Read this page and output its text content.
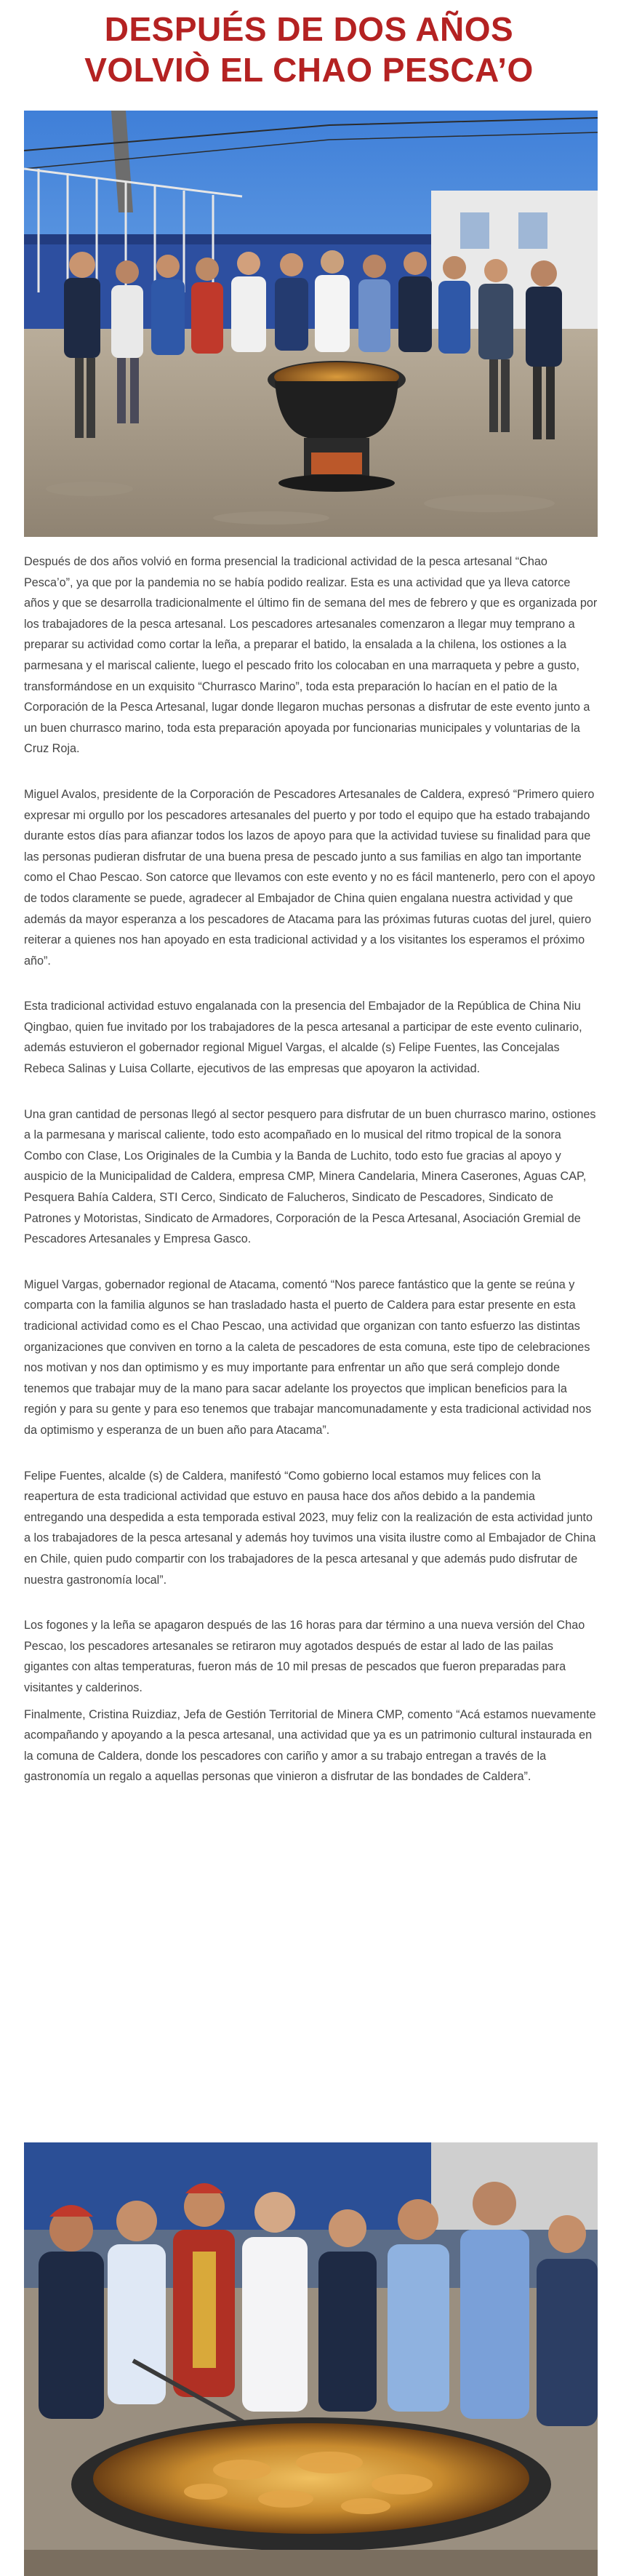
DESPUÉS DE DOS AÑOS
VOLVIÒ EL CHAO PESCA’O

Después de dos años volvió en forma presencial la tradicional actividad de la pesca artesanal “Chao Pesca’o”, ya que por la pandemia no se había podido realizar. Esta es una actividad que ya lleva catorce años y que se desarrolla tradicionalmente el último fin de semana del mes de febrero y que es organizada por los trabajadores de la pesca artesanal. Los pescadores artesanales comenzaron a llegar muy temprano a preparar su actividad como cortar la leña, a preparar el batido, la ensalada a la chilena, los ostiones a la parmesana y el mariscal caliente, luego el pescado frito los colocaban en una marraqueta y pebre a gusto, transformándose en un exquisito “Churrasco Marino”, toda esta preparación lo hacían en el patio de la Corporación de la Pesca Artesanal, lugar donde llegaron muchas personas a disfrutar de este evento junto a un buen churrasco marino, toda esta preparación apoyada por funcionarias municipales y voluntarias de la Cruz Roja.

Miguel Avalos, presidente de la Corporación de Pescadores Artesanales de Caldera, expresó “Primero quiero expresar mi orgullo por los pescadores artesanales del puerto y por todo el equipo que ha estado trabajando durante estos días para afianzar todos los lazos de apoyo para que la actividad tuviese su finalidad para que las personas pudieran disfrutar de una buena presa de pescado junto a sus familias en algo tan importante como el Chao Pescao. Son catorce que llevamos con este evento y no es fácil mantenerlo, pero con el apoyo de todos claramente se puede, agradecer al Embajador de China quien engalana nuestra actividad y que además da mayor esperanza a los pescadores de Atacama para las próximas futuras cuotas del jurel, quiero reiterar a quienes nos han apoyado en esta tradicional actividad y a los visitantes los esperamos el próximo año”.

Esta tradicional actividad estuvo engalanada con la presencia del Embajador de la República de China Niu Qingbao, quien fue invitado por los trabajadores de la pesca artesanal a participar de este evento culinario, además estuvieron el gobernador regional Miguel Vargas, el alcalde (s) Felipe Fuentes, las Concejalas Rebeca Salinas y Luisa Collarte, ejecutivos de las empresas que apoyaron la actividad.

Una gran cantidad de personas llegó al sector pesquero para disfrutar de un buen churrasco marino, ostiones a la parmesana y mariscal caliente, todo esto acompañado en lo musical del ritmo tropical de la sonora Combo con Clase, Los Originales de la Cumbia y la Banda de Luchito, todo esto fue gracias al apoyo y auspicio de la Municipalidad de Caldera, empresa CMP, Minera Candelaria, Minera Caserones, Aguas CAP, Pesquera Bahía Caldera, STI Cerco, Sindicato de Falucheros, Sindicato de Pescadores, Sindicato de Patrones y Motoristas, Sindicato de Armadores, Corporación de la Pesca Artesanal, Asociación Gremial de Pescadores Artesanales y Empresa Gasco.

Miguel Vargas, gobernador regional de Atacama, comentó “Nos parece fantástico que la gente se reúna y comparta con la familia algunos se han trasladado hasta el puerto de Caldera para estar presente en esta tradicional actividad como es el Chao Pescao, una actividad que organizan con tanto esfuerzo las distintas organizaciones que conviven en torno a la caleta de pescadores de esta comuna, este tipo de celebraciones nos motivan y nos dan optimismo y es muy importante para enfrentar un año que será complejo donde tenemos que trabajar muy de la mano para sacar adelante los proyectos que implican beneficios para la región y para su gente y para eso tenemos que trabajar mancomunadamente y esta tradicional actividad nos da optimismo y esperanza de un buen año para Atacama”.

Felipe Fuentes, alcalde (s) de Caldera, manifestó “Como gobierno local estamos muy felices con la reapertura de esta tradicional actividad que estuvo en pausa hace dos años debido a la pandemia entregando una despedida a esta temporada estival 2023, muy feliz con la realización de esta actividad junto a los trabajadores de la pesca artesanal y además hoy tuvimos una visita ilustre como al Embajador de China en Chile, quien pudo compartir con los trabajadores de la pesca artesanal y que además pudo disfrutar de nuestra gastronomía local”.

Los fogones y la leña se apagaron después de las 16 horas para dar término a una nueva versión del Chao Pescao, los pescadores artesanales se retiraron muy agotados después de estar al lado de las pailas gigantes con altas temperaturas, fueron más de 10 mil presas de pescados que fueron preparadas para visitantes y calderinos.

Finalmente, Cristina Ruizdiaz, Jefa de Gestión Territorial de Minera CMP, comento “Acá estamos nuevamente acompañando y apoyando a la pesca artesanal, una actividad que ya es un patrimonio cultural instaurada en la comuna de Caldera, donde los pescadores con cariño y amor a su trabajo entregan a través de la gastronomía un regalo a aquellas personas que vinieron a disfrutar de las bondades de Caldera”.
